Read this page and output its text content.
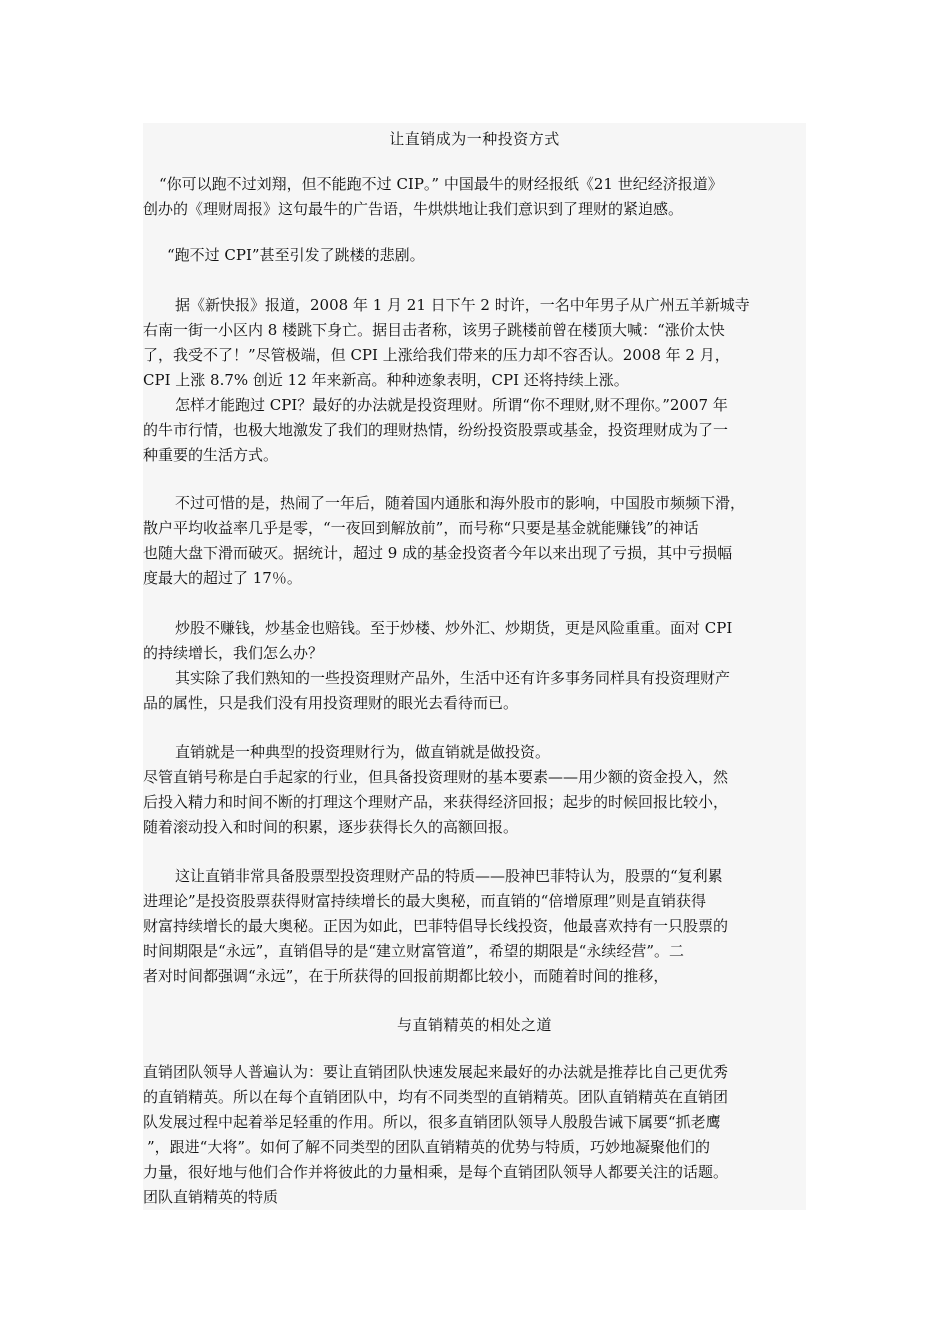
让直销成为一种投资方式
“你可以跑不过刘翔，但不能跑不过 CIP。” 中国最牛的财经报纸《21 世纪经济报道》
创办的《理财周报》这句最牛的广告语，牛烘烘地让我们意识到了理财的紧迫感。
“跑不过 CPI”甚至引发了跳楼的悲剧。
据《新快报》报道，2008 年 1 月 21 日下午 2 时许，一名中年男子从广州五羊新城寺
右南一街一小区内 8 楼跳下身亡。据目击者称，该男子跳楼前曾在楼顶大喊：“涨价太快
了，我受不了！”尽管极端，但 CPI 上涨给我们带来的压力却不容否认。2008 年 2 月，
CPI 上涨 8.7% 创近 12 年来新高。种种迹象表明，CPI 还将持续上涨。
怎样才能跑过 CPI？最好的办法就是投资理财。所谓“你不理财,财不理你。”2007 年
的牛市行情，也极大地激发了我们的理财热情，纷纷投资股票或基金，投资理财成为了一
种重要的生活方式。
不过可惜的是，热闹了一年后，随着国内通胀和海外股市的影响，中国股市频频下滑，
散户平均收益率几乎是零，“一夜回到解放前”，而号称“只要是基金就能赚钱”的神话
也随大盘下滑而破灭。据统计，超过 9 成的基金投资者今年以来出现了亏损，其中亏损幅
度最大的超过了 17％。
炒股不赚钱，炒基金也赔钱。至于炒楼、炒外汇、炒期货，更是风险重重。面对 CPI
的持续增长，我们怎么办？
其实除了我们熟知的一些投资理财产品外，生活中还有许多事务同样具有投资理财产
品的属性，只是我们没有用投资理财的眼光去看待而已。
直销就是一种典型的投资理财行为，做直销就是做投资。
尽管直销号称是白手起家的行业，但具备投资理财的基本要素——用少额的资金投入，然
后投入精力和时间不断的打理这个理财产品，来获得经济回报；起步的时候回报比较小，
随着滚动投入和时间的积累，逐步获得长久的高额回报。
这让直销非常具备股票型投资理财产品的特质——股神巴菲特认为，股票的“复利累
进理论”是投资股票获得财富持续增长的最大奥秘，而直销的“倍增原理”则是直销获得
财富持续增长的最大奥秘。正因为如此，巴菲特倡导长线投资，他最喜欢持有一只股票的
时间期限是“永远”，直销倡导的是“建立财富管道”，希望的期限是“永续经营”。二
者对时间都强调“永远”，在于所获得的回报前期都比较小，而随着时间的推移，
与直销精英的相处之道
直销团队领导人普遍认为：要让直销团队快速发展起来最好的办法就是推荐比自己更优秀
的直销精英。所以在每个直销团队中，均有不同类型的直销精英。团队直销精英在直销团
队发展过程中起着举足轻重的作用。所以，很多直销团队领导人殷殷告诫下属要“抓老鹰
”，跟进“大将”。如何了解不同类型的团队直销精英的优势与特质，巧妙地凝聚他们的
力量，很好地与他们合作并将彼此的力量相乘，是每个直销团队领导人都要关注的话题。
团队直销精英的特质
